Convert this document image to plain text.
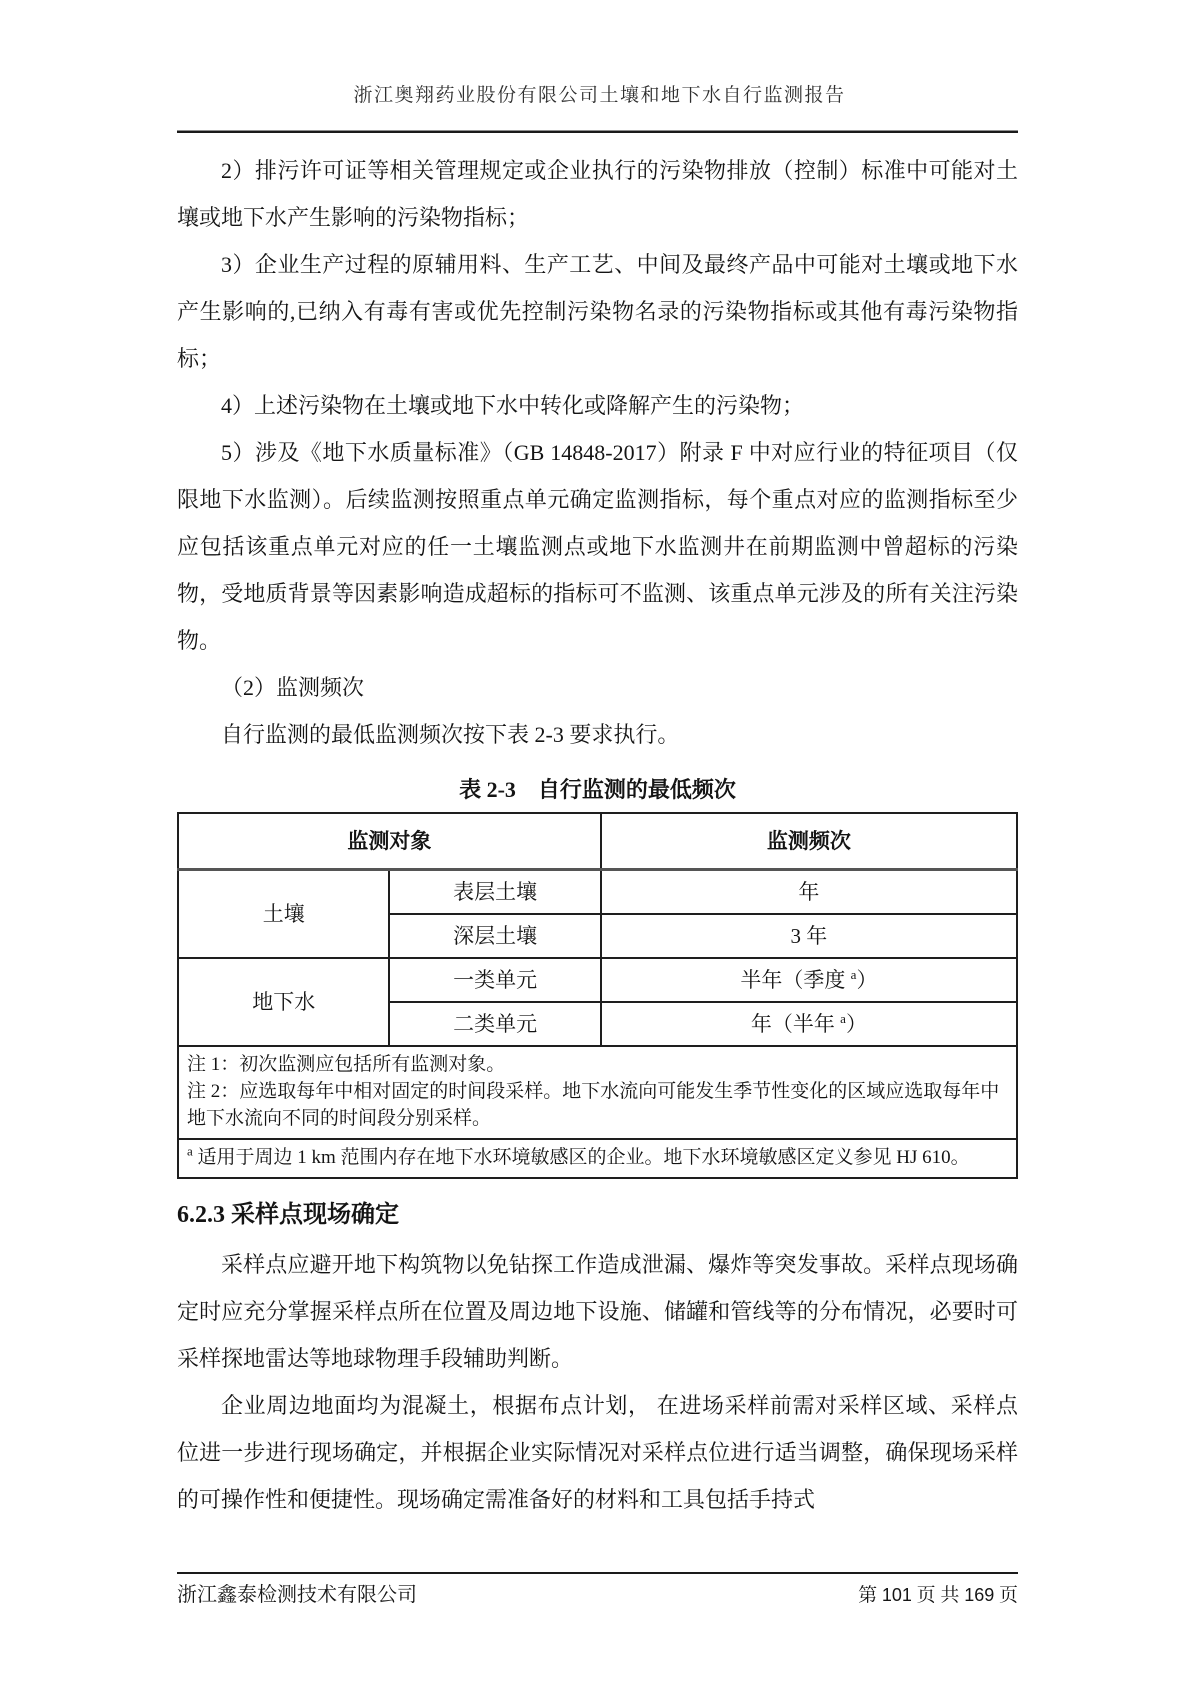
浙江奥翔药业股份有限公司土壤和地下水自行监测报告

2）排污许可证等相关管理规定或企业执行的污染物排放（控制）标准中可能对土壤或地下水产生影响的污染物指标；

3）企业生产过程的原辅用料、生产工艺、中间及最终产品中可能对土壤或地下水产生影响的,已纳入有毒有害或优先控制污染物名录的污染物指标或其他有毒污染物指标；

4）上述污染物在土壤或地下水中转化或降解产生的污染物；

5）涉及《地下水质量标准》（GB 14848-2017）附录 F 中对应行业的特征项目（仅限地下水监测）。后续监测按照重点单元确定监测指标，每个重点对应的监测指标至少应包括该重点单元对应的任一土壤监测点或地下水监测井在前期监测中曾超标的污染物，受地质背景等因素影响造成超标的指标可不监测、该重点单元涉及的所有关注污染物。

（2）监测频次

自行监测的最低监测频次按下表 2-3 要求执行。

表 2-3　自行监测的最低频次
监测对象		监测频次
土壤	表层土壤	年
	深层土壤	3 年
地下水	一类单元	半年（季度 $^a$）
	二类单元	年（半年 $^a$）

注 1：初次监测应包括所有监测对象。
注 2：应选取每年中相对固定的时间段采样。地下水流向可能发生季节性变化的区域应选取每年中地下水流向不同的时间段分别采样。		

$^a$ 适用于周边 1 km 范围内存在地下水环境敏感区的企业。地下水环境敏感区定义参见 HJ 610。		
6.2.3 采样点现场确定

采样点应避开地下构筑物以免钻探工作造成泄漏、爆炸等突发事故。采样点现场确定时应充分掌握采样点所在位置及周边地下设施、储罐和管线等的分布情况，必要时可采样探地雷达等地球物理手段辅助判断。

企业周边地面均为混凝土，根据布点计划， 在进场采样前需对采样区域、采样点位进一步进行现场确定，并根据企业实际情况对采样点位进行适当调整，确保现场采样的可操作性和便捷性。现场确定需准备好的材料和工具包括手持式

浙江鑫泰检测技术有限公司	第 101 页 共 169 页
